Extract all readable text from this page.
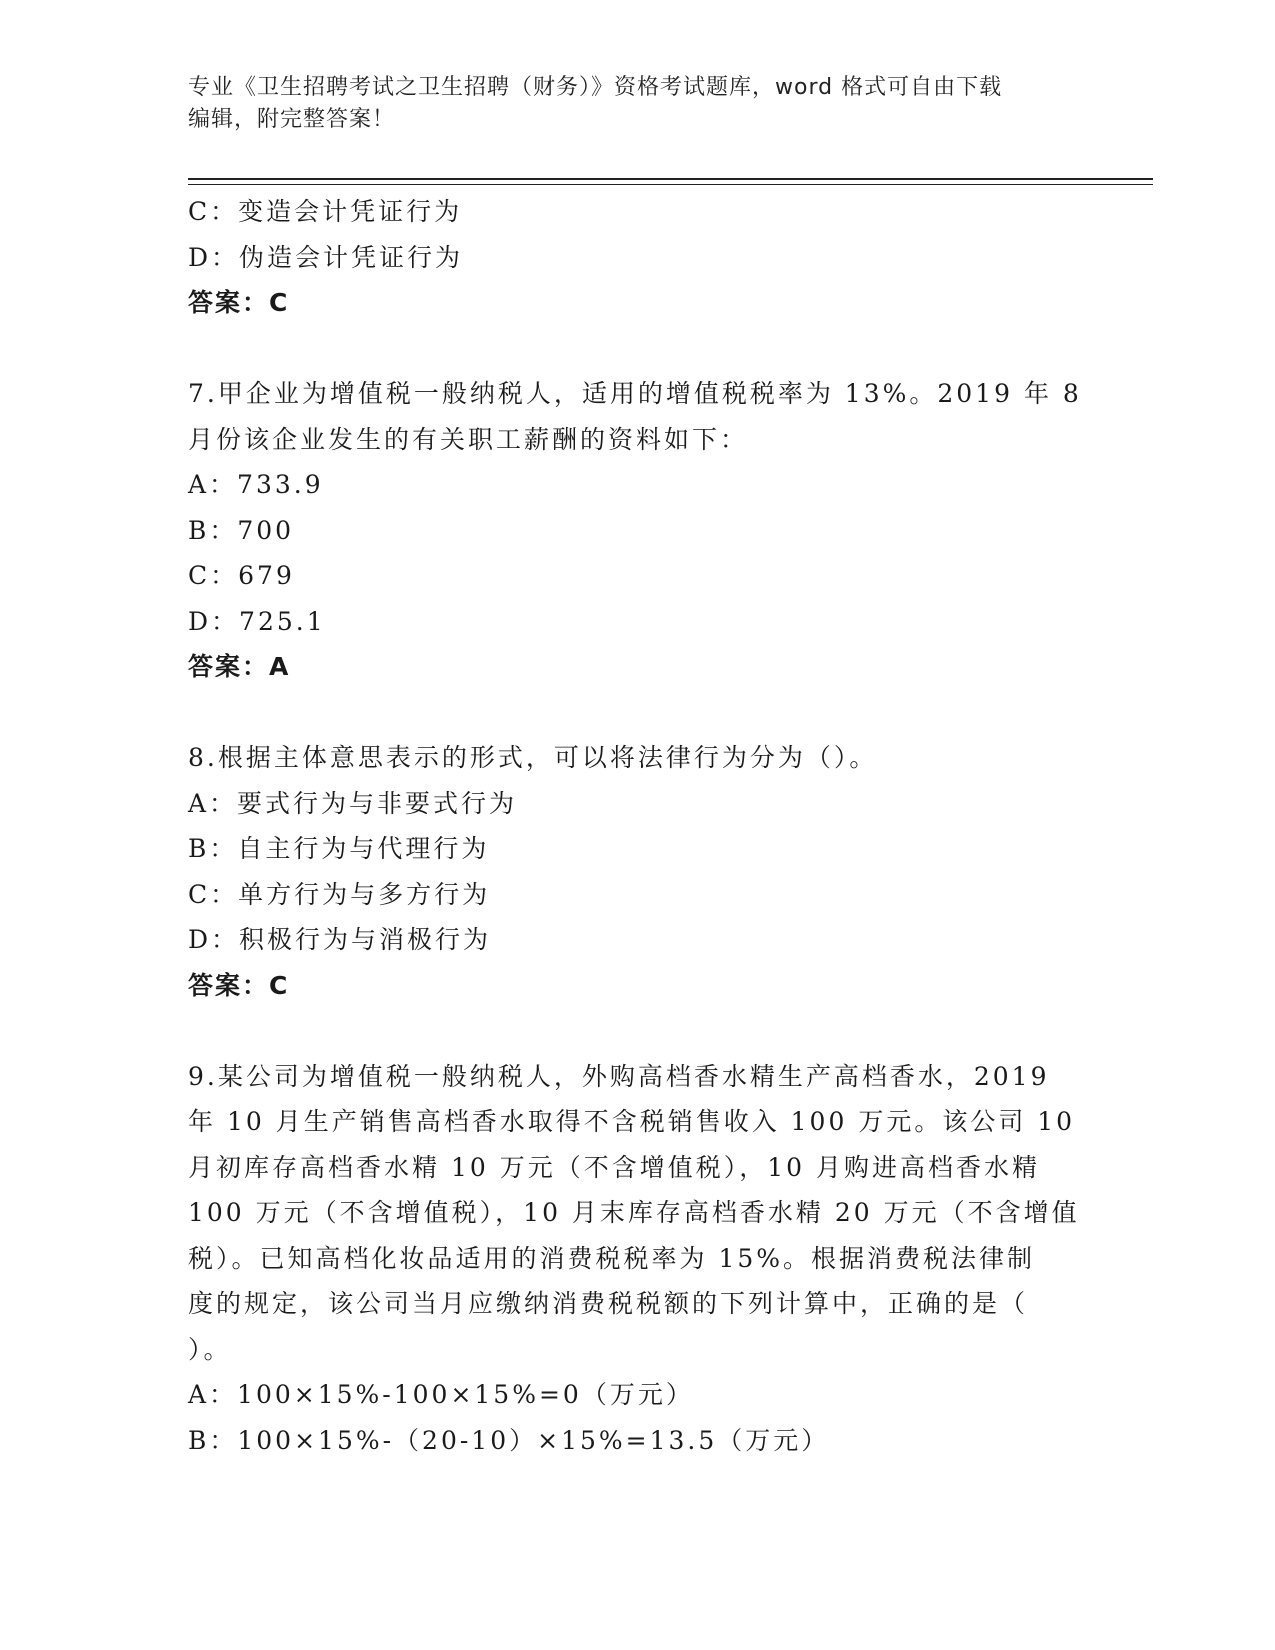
专业《卫生招聘考试之卫生招聘（财务）》资格考试题库，word 格式可自由下载
编辑，附完整答案！
C：变造会计凭证行为
D：伪造会计凭证行为
答案：C
7.甲企业为增值税一般纳税人，适用的增值税税率为 13%。2019 年 8
月份该企业发生的有关职工薪酬的资料如下：
A：733.9
B：700
C：679
D：725.1
答案：A
8.根据主体意思表示的形式，可以将法律行为分为（）。
A：要式行为与非要式行为
B：自主行为与代理行为
C：单方行为与多方行为
D：积极行为与消极行为
答案：C
9.某公司为增值税一般纳税人，外购高档香水精生产高档香水，2019
年 10 月生产销售高档香水取得不含税销售收入 100 万元。该公司 10
月初库存高档香水精 10 万元（不含增值税），10 月购进高档香水精
100 万元（不含增值税），10 月末库存高档香水精 20 万元（不含增值
税）。已知高档化妆品适用的消费税税率为 15%。根据消费税法律制
度的规定，该公司当月应缴纳消费税税额的下列计算中，正确的是（
）。
A：100×15%-100×15%=0（万元）
B：100×15%-（20-10）×15%=13.5（万元）
